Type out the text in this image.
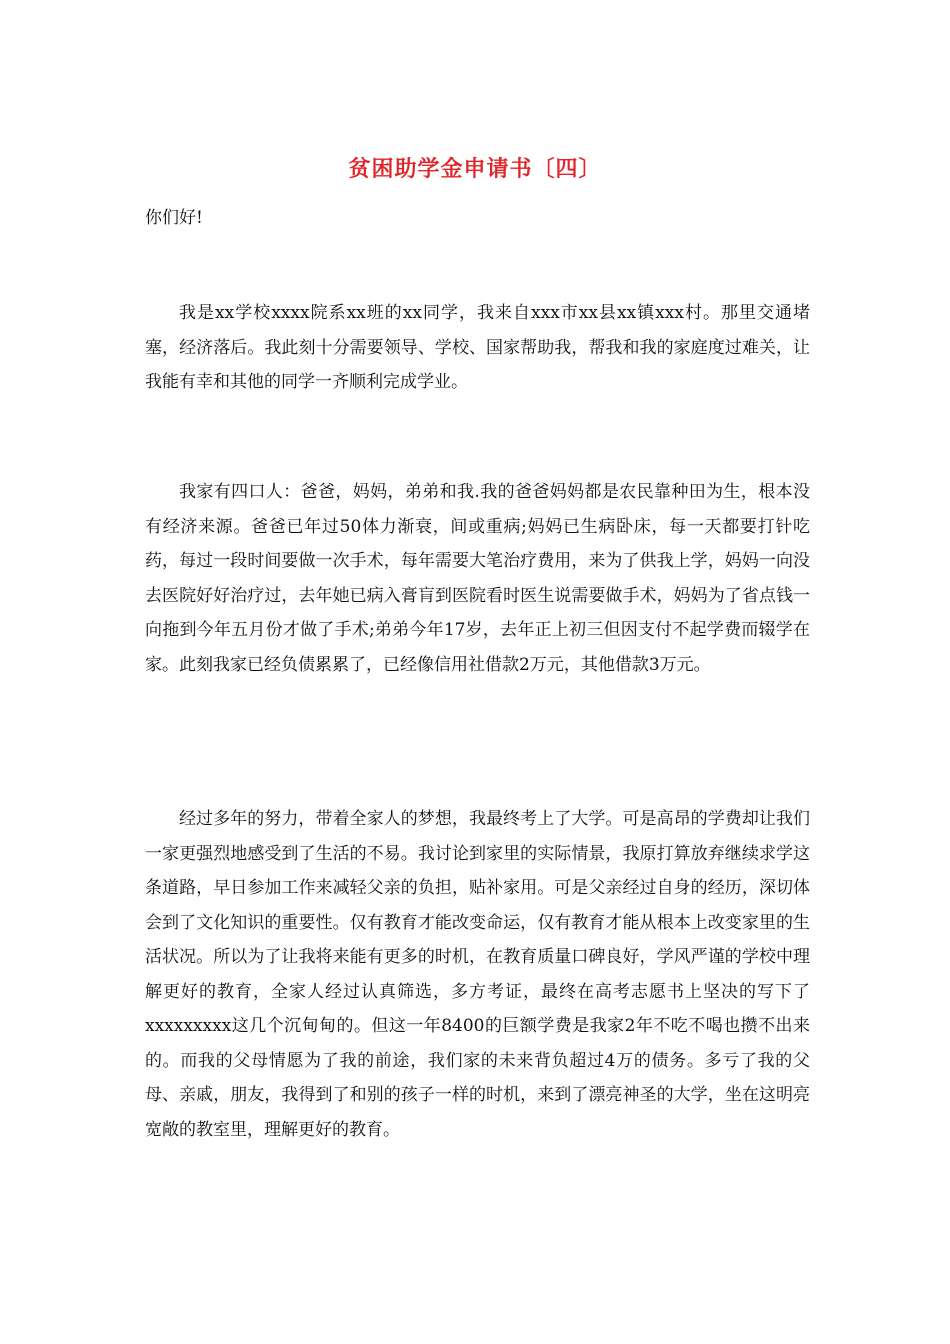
贫困助学金申请书〔四〕
你们好!

我是xx学校xxxx院系xx班的xx同学，我来自xxx市xx县xx镇xxx村。那里交通堵塞，经济落后。我此刻十分需要领导、学校、国家帮助我，帮我和我的家庭度过难关，让我能有幸和其他的同学一齐顺利完成学业。

我家有四口人：爸爸，妈妈，弟弟和我.我的爸爸妈妈都是农民靠种田为生，根本没有经济来源。爸爸已年过50体力渐衰，间或重病;妈妈已生病卧床，每一天都要打针吃药，每过一段时间要做一次手术，每年需要大笔治疗费用，来为了供我上学，妈妈一向没去医院好好治疗过，去年她已病入膏肓到医院看时医生说需要做手术，妈妈为了省点钱一向拖到今年五月份才做了手术;弟弟今年17岁，去年正上初三但因支付不起学费而辍学在家。此刻我家已经负债累累了，已经像信用社借款2万元，其他借款3万元。

经过多年的努力，带着全家人的梦想，我最终考上了大学。可是高昂的学费却让我们一家更强烈地感受到了生活的不易。我讨论到家里的实际情景，我原打算放弃继续求学这条道路，早日参加工作来减轻父亲的负担，贴补家用。可是父亲经过自身的经历，深切体会到了文化知识的重要性。仅有教育才能改变命运，仅有教育才能从根本上改变家里的生活状况。所以为了让我将来能有更多的时机，在教育质量口碑良好，学风严谨的学校中理解更好的教育，全家人经过认真筛选，多方考证，最终在高考志愿书上坚决的写下了xxxxxxxxx这几个沉甸甸的。但这一年8400的巨额学费是我家2年不吃不喝也攒不出来的。而我的父母情愿为了我的前途，我们家的未来背负超过4万的债务。多亏了我的父母、亲戚，朋友，我得到了和别的孩子一样的时机，来到了漂亮神圣的大学，坐在这明亮宽敞的教室里，理解更好的教育。
